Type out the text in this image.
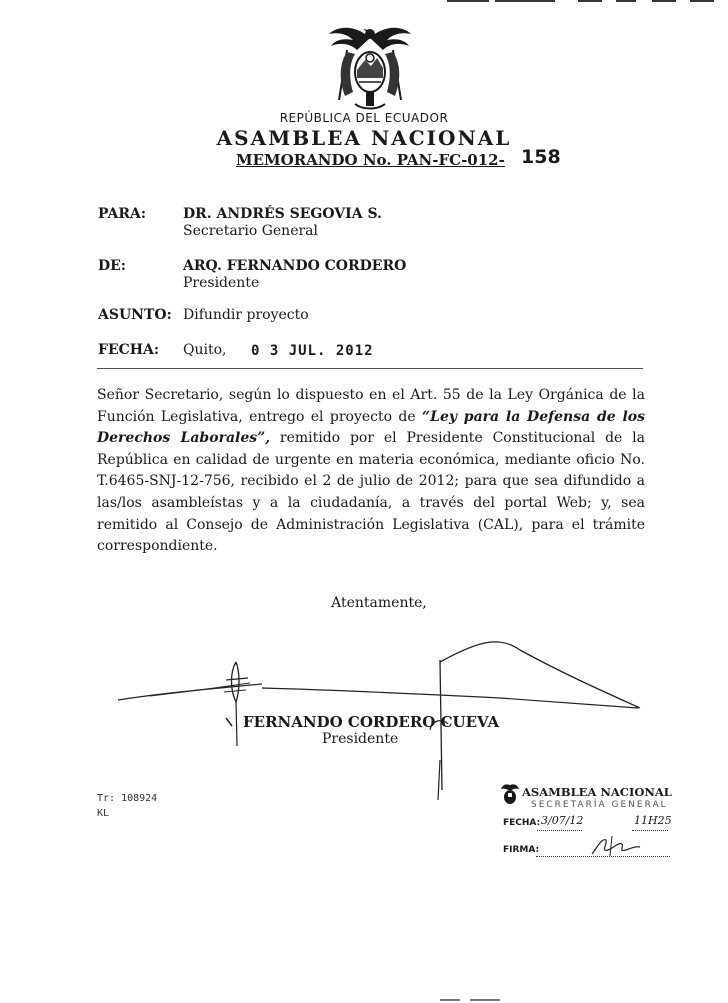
REPÚBLICA DEL ECUADOR
ASAMBLEA NACIONAL
MEMORANDO No. PAN-FC-012- 158
PARA:	DR. ANDRÉS SEGOVIA S.
Secretario General
DE:	ARQ. FERNANDO CORDERO
Presidente
ASUNTO: Difundir proyecto
FECHA: Quito, 0 3 JUL. 2012
Señor Secretario, según lo dispuesto en el Art. 55 de la Ley Orgánica de la Función Legislativa, entrego el proyecto de “Ley para la Defensa de los Derechos Laborales”, remitido por el Presidente Constitucional de la República en calidad de urgente en materia económica, mediante oficio No. T.6465-SNJ-12-756, recibido el 2 de julio de 2012; para que sea difundido a las/los asambleístas y a la ciudadanía, a través del portal Web; y, sea remitido al Consejo de Administración Legislativa (CAL), para el trámite correspondiente.
Atentamente,
FERNANDO CORDERO CUEVA
Presidente
Tr: 108924
KL
ASAMBLEA NACIONAL
SECRETARÍA GENERAL
FECHA: 3/07/12	11H25
FIRMA:
